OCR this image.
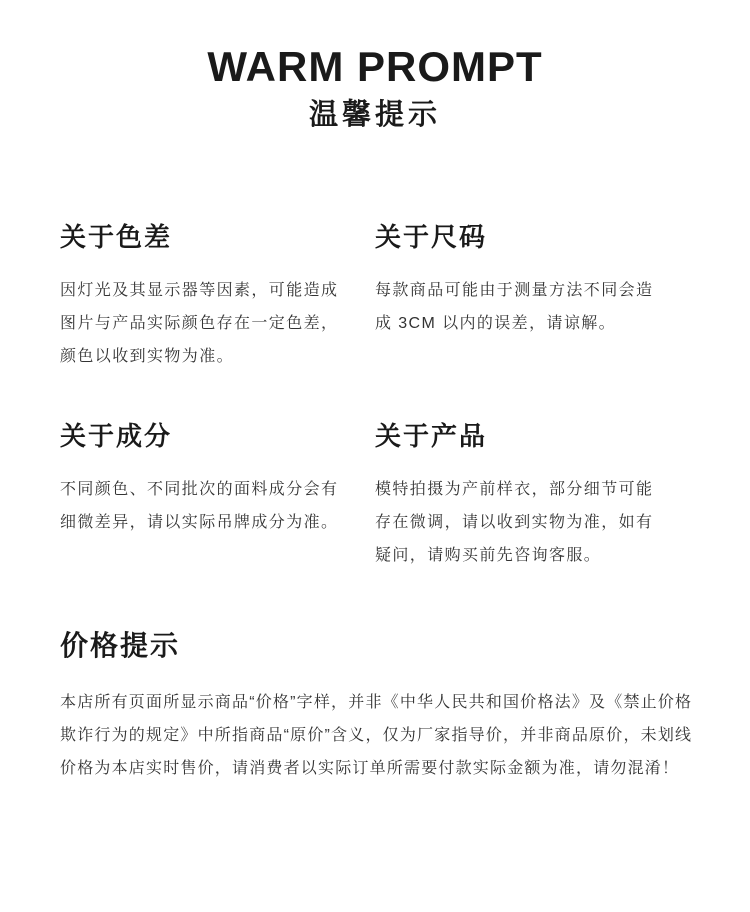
WARM PROMPT
温馨提示
关于色差

因灯光及其显示器等因素，可能造成图片与产品实际颜色存在一定色差，颜色以收到实物为准。

关于尺码

每款商品可能由于测量方法不同会造成 3CM 以内的误差，请谅解。

关于成分

不同颜色、不同批次的面料成分会有细微差异，请以实际吊牌成分为准。

关于产品

模特拍摄为产前样衣，部分细节可能存在微调，请以收到实物为准，如有疑问，请购买前先咨询客服。

价格提示

本店所有页面所显示商品“价格”字样，并非《中华人民共和国价格法》及《禁止价格欺诈行为的规定》中所指商品“原价”含义，仅为厂家指导价，并非商品原价，未划线价格为本店实时售价，请消费者以实际订单所需要付款实际金额为准，请勿混淆！
